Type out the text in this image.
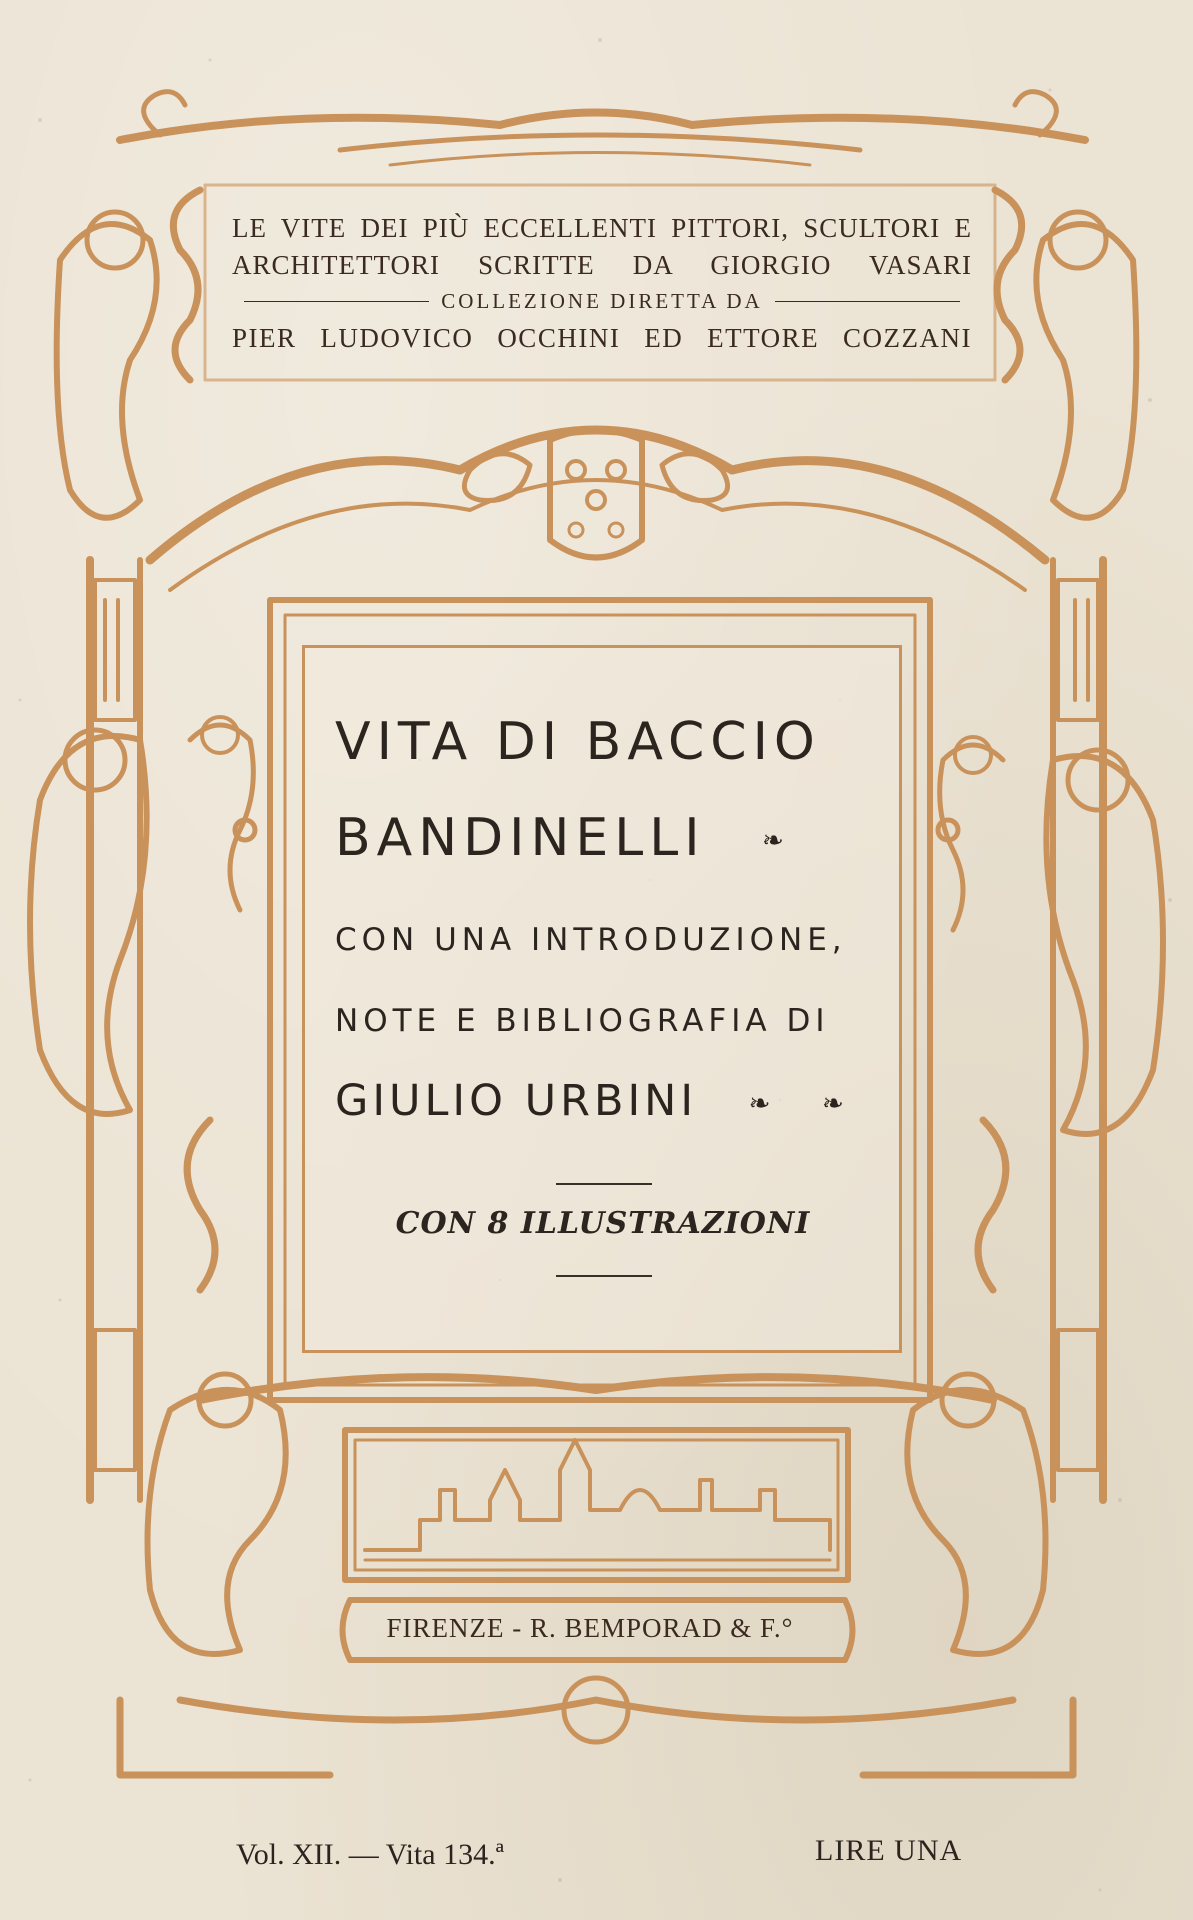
LE VITE DEI PIÙ ECCELLENTI PITTORI, SCULTORI E
ARCHITETTORI SCRITTE DA GIORGIO VASARI
COLLEZIONE DIRETTA DA
PIER LUDOVICO OCCHINI ED ETTORE COZZANI
VITA DI BACCIO
BANDINELLI ❧
CON UNA INTRODUZIONE,
NOTE E BIBLIOGRAFIA DI
GIULIO URBINI ❧ ❧
CON 8 ILLUSTRAZIONI
FIRENZE - R. BEMPORAD & F.°
Vol. XII. — Vita 134.ª	LIRE UNA
